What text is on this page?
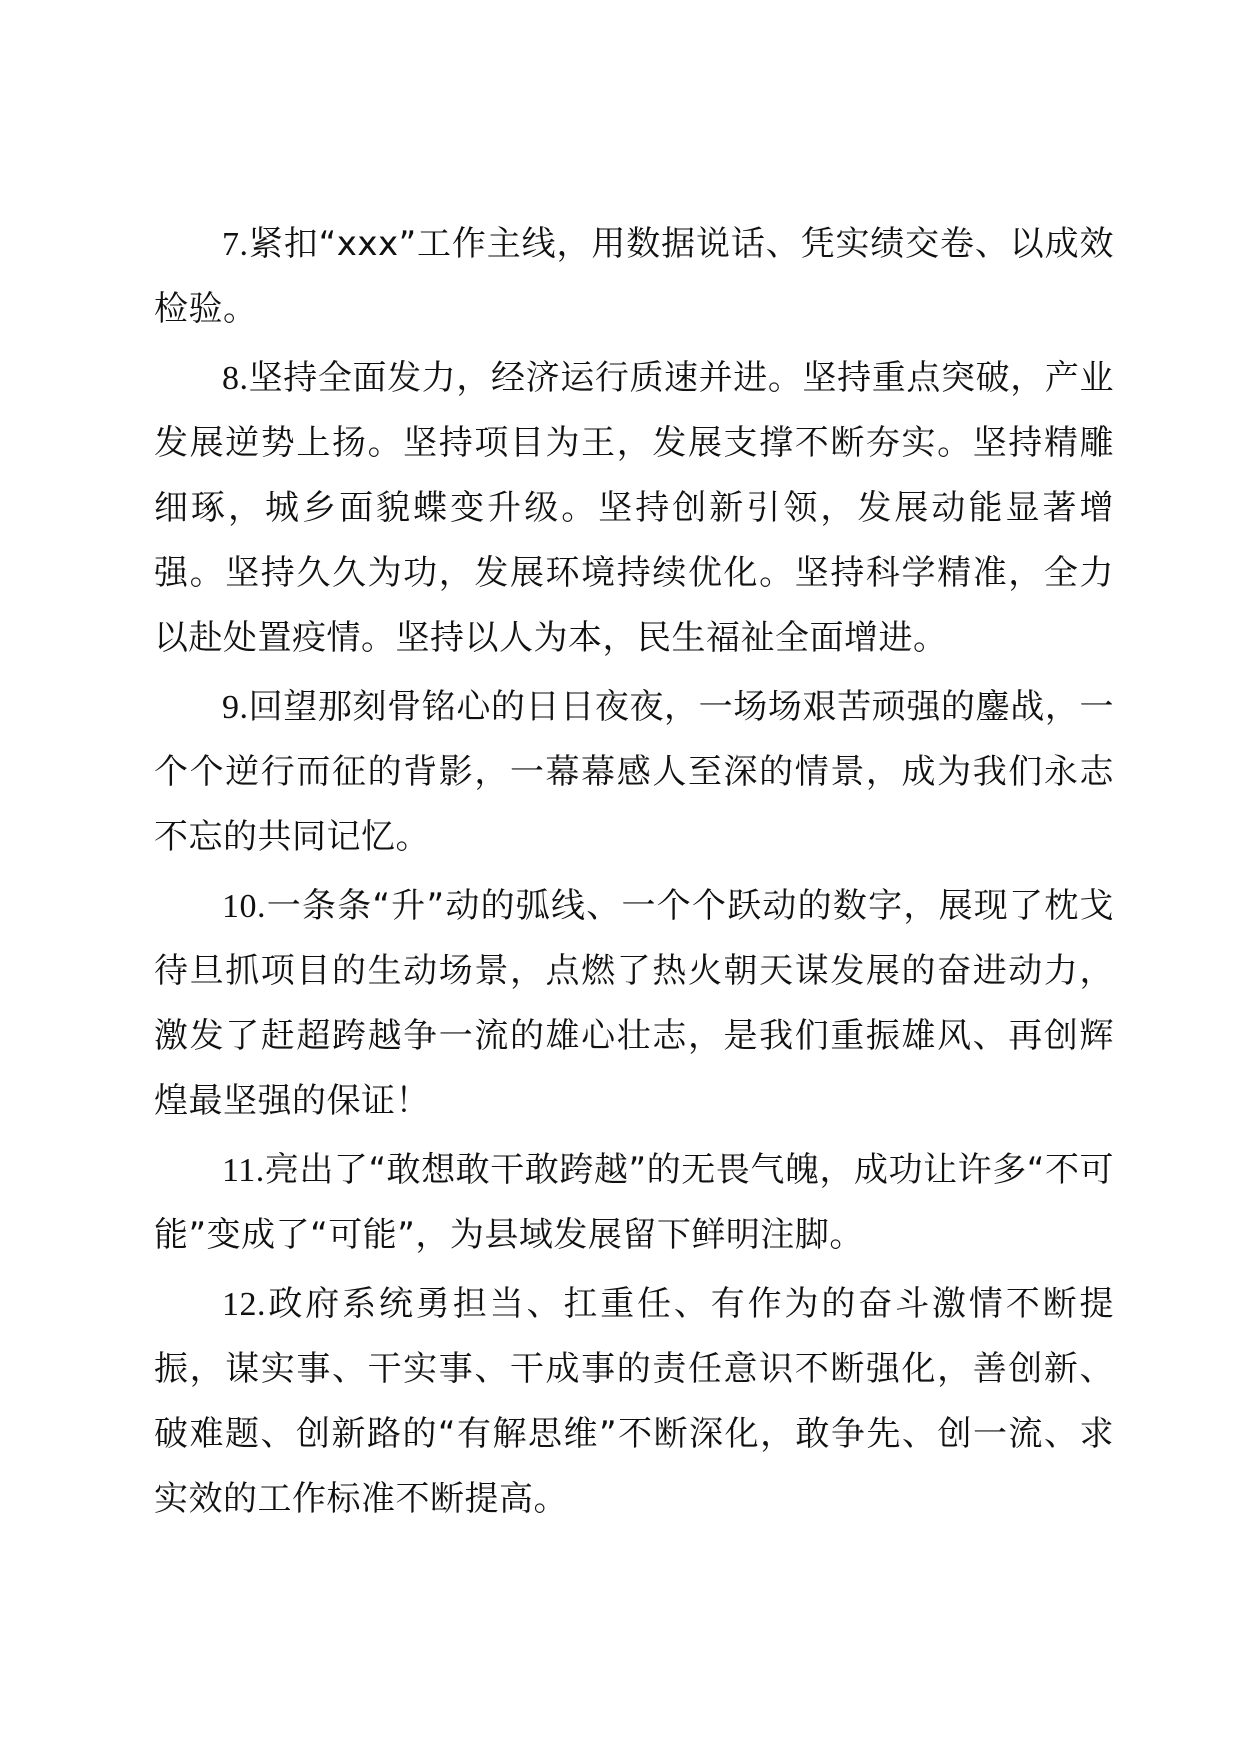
7.紧扣“xxx”工作主线，用数据说话、凭实绩交卷、以成效检验。

8.坚持全面发力，经济运行质速并进。坚持重点突破，产业发展逆势上扬。坚持项目为王，发展支撑不断夯实。坚持精雕细琢，城乡面貌蝶变升级。坚持创新引领，发展动能显著增强。坚持久久为功，发展环境持续优化。坚持科学精准，全力以赴处置疫情。坚持以人为本，民生福祉全面增进。

9.回望那刻骨铭心的日日夜夜，一场场艰苦顽强的鏖战，一个个逆行而征的背影，一幕幕感人至深的情景，成为我们永志不忘的共同记忆。

10.一条条“升”动的弧线、一个个跃动的数字，展现了枕戈待旦抓项目的生动场景，点燃了热火朝天谋发展的奋进动力，激发了赶超跨越争一流的雄心壮志，是我们重振雄风、再创辉煌最坚强的保证！

11.亮出了“敢想敢干敢跨越”的无畏气魄，成功让许多“不可能”变成了“可能”，为县域发展留下鲜明注脚。

12.政府系统勇担当、扛重任、有作为的奋斗激情不断提振，谋实事、干实事、干成事的责任意识不断强化，善创新、破难题、创新路的“有解思维”不断深化，敢争先、创一流、求实效的工作标准不断提高。
